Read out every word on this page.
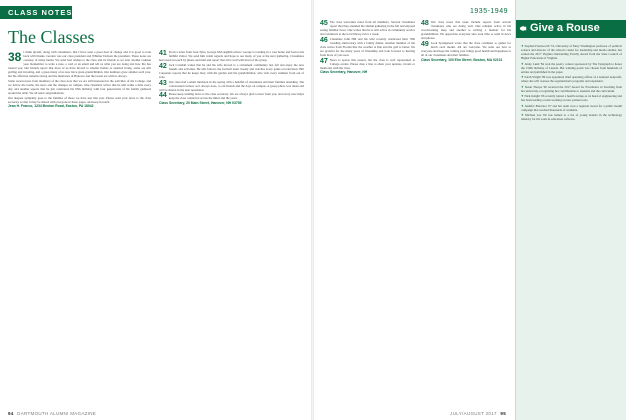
CLASS NOTES
The Classes
38 I think myself, along with classmates, that I have seen a great deal of change and it is good to look back with thanks. Gordon was our class president and Whittier Dobson the president. These notes are courtesy of many hands. We send best wishes to the class and its friends as we start another reunion year. Remember to write a note, a card or an email and tell us what you are doing and how life has treated you. Our friends report that most of us have moved to smaller homes or assisted living, some are still golfing and traveling, and a great many of us now have great-grandchildren. Our numbers grow smaller each year, but the affection remains strong and the memories of Hanover and the Green are with us always.
Some recent notes from members of the class note that we are still interested in the activities of the College, and we follow the teams, the news and the changes on campus. One classmate writes that he still walks a mile every day, and another reports that he just celebrated his 95th birthday with four generations of his family gathered around the table. We all send congratulations.
Our deepest sympathy goes to the families of those we have lost this year. Please send your news to the class secretary so that it may be shared with everyone in these pages, and keep in touch.
Jean H. Franco, 1234 Benton Road, Easton, PA 18042
41 From a letter from Jean Tyler, George McLaughlin writes: George is residing in a care home and Jean is his faithful visitor. We send him warm regards and hope to see many of you at the next gathering. Classmates have been in touch by phone and mail and report that all is well with most of the group.
42 Jack Crandall writes that he and his wife moved to a retirement community last fall and enjoy the new friends and activities. He still follows the football team closely and watches every game on television. Bill Carpenter reports that he keeps busy with his garden and his grandchildren, who visit every summer from out of state.
43 Our class had a small luncheon in the spring with a handful of classmates and their families attending. The conversation turned, as it always does, to old friends and the days on campus. A group photo was taken and will be shared in the next newsletter.
44 Please keep sending news to the class secretary. We are always glad to hear from you, and every note helps keep the class connected across the miles and the years.
Class Secretary, 20 Main Street, Hanover, NH 03755
94 DARTMOUTH ALUMNI MAGAZINE
1935-1949
45 The class welcomes notes from all members. Several classmates report that they attended the alumni gathering in the fall and enjoyed seeing familiar faces. One writes that he is still active in community service and volunteers at the local library twice a week.
46 Classmate John Hill and his wife recently celebrated their 70th wedding anniversary with a family dinner. Another member of the class writes from Florida that the weather is fine and the golf is better. We are grateful for the many years of friendship and look forward to hearing from more of you soon.
47 News is sparse this season, but the class is well represented at College events. Please drop a line to share your updates, travels or memories with the class.
Class Secretary, Hanover, NH
48 Our class notes this issue include reports from several classmates who are doing well. One remains active in his woodworking shop and another is writing a memoir for his grandchildren. We appreciate everyone who took time to send in news and photos.
49 Look Springsteen wrote that the class continues to gather for lunch each month. All are welcome. We send our best to everyone and hope the coming year brings good health and happiness to all of our classmates and their families.
Class Secretary, 100 Elm Street, Boston, MA 02101
JULY/AUGUST 2017 95
Give a Rouse
✦ Stephen Farnsworth '74, University of Mary Washington professor of political science and director of the school's center for leadership and media studies, has earned the 2017 Virginia Outstanding Faculty Award from the State Council of Higher Education of Virginia.
✦ Jenny Lund '84 won the poetry contest sponsored by The Telegraph to honor the 150th birthday of Canada. Her winning poem was chosen from hundreds of entries and published in the paper.
✦ Sarah Wright '89 was appointed chief operating officer of a national nonprofit, where she will oversee the organization's programs and expansion.
✦ Susan Thorpe '00 received the 2017 Award for Excellence in Teaching from her university, recognizing her contributions to students and the curriculum.
✦ Nick Knight '06 recently joined a health startup as its head of engineering and has been leading a team working on new patient tools.
✦ Jennifer Brewster '07 and her team won a regional award for a public health campaign that reached thousands of residents.
✦ Michael Lee '09 was named to a list of young leaders in the technology industry for his work in education software.
